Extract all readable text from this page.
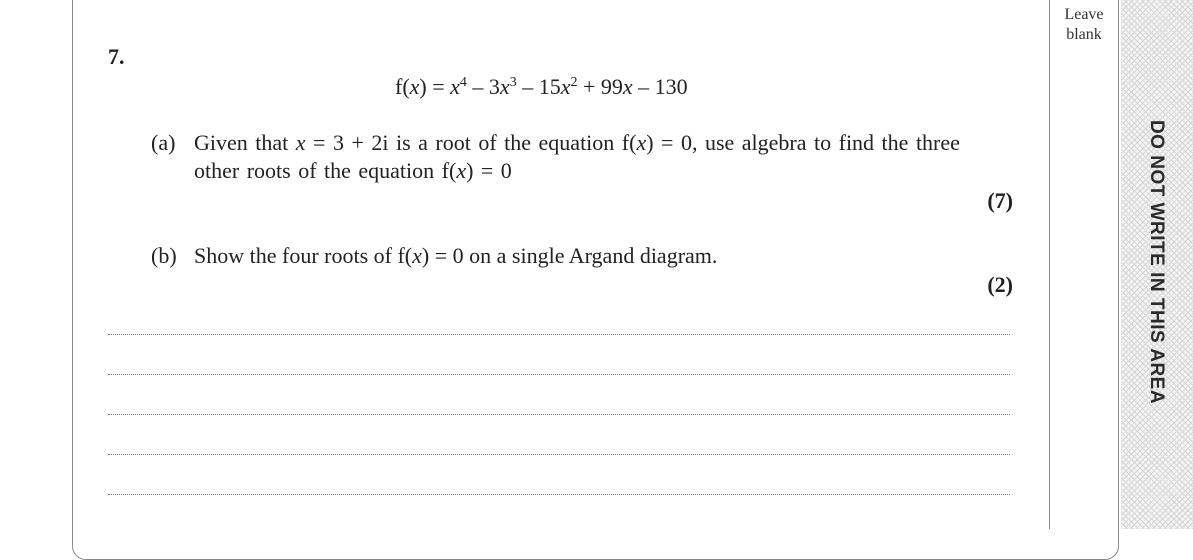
Leave
blank
DO NOT WRITE IN THIS AREA
7.
$f(x) = x^4 - 3x^3 - 15x^2 + 99x - 130$
(a) Given that x = 3 + 2i is a root of the equation f(x) = 0, use algebra to find the three
other roots of the equation f(x) = 0
(7)
(b) Show the four roots of f(x) = 0 on a single Argand diagram.
(2)
